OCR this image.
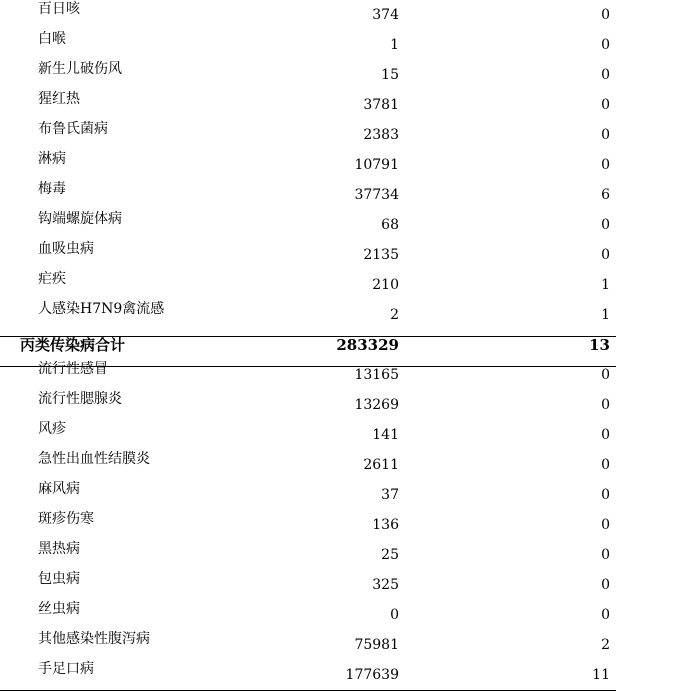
百日咳	374	0
白喉	1	0
新生儿破伤风	15	0
猩红热	3781	0
布鲁氏菌病	2383	0
淋病	10791	0
梅毒	37734	6
钩端螺旋体病	68	0
血吸虫病	2135	0
疟疾	210	1
人感染H7N9禽流感	2	1
丙类传染病合计	283329	13
流行性感冒	13165	0
流行性腮腺炎	13269	0
风疹	141	0
急性出血性结膜炎	2611	0
麻风病	37	0
斑疹伤寒	136	0
黑热病	25	0
包虫病	325	0
丝虫病	0	0
其他感染性腹泻病	75981	2
手足口病	177639	11
